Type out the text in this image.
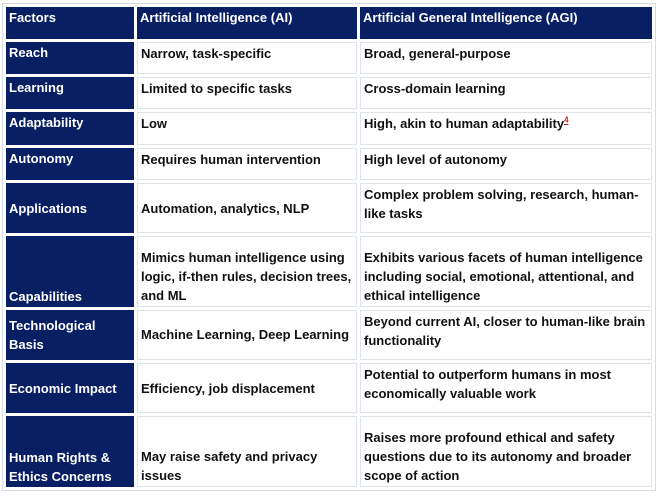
Factors	Artificial Intelligence (AI)	Artificial General Intelligence (AGI)
Reach	Narrow, task-specific	Broad, general-purpose
Learning	Limited to specific tasks	Cross-domain learning
Adaptability	Low	High, akin to human adaptability$^4$
Autonomy	Requires human intervention	High level of autonomy
Applications	Automation, analytics, NLP	Complex problem solving, research, human-like tasks
Capabilities	Mimics human intelligence using logic, if-then rules, decision trees, and ML	Exhibits various facets of human intelligence including social, emotional, attentional, and ethical intelligence
Technological Basis	Machine Learning, Deep Learning	Beyond current AI, closer to human-like brain functionality
Economic Impact	Efficiency, job displacement	Potential to outperform humans in most economically valuable work
Human Rights & Ethics Concerns	May raise safety and privacy issues	Raises more profound ethical and safety questions due to its autonomy and broader scope of action
